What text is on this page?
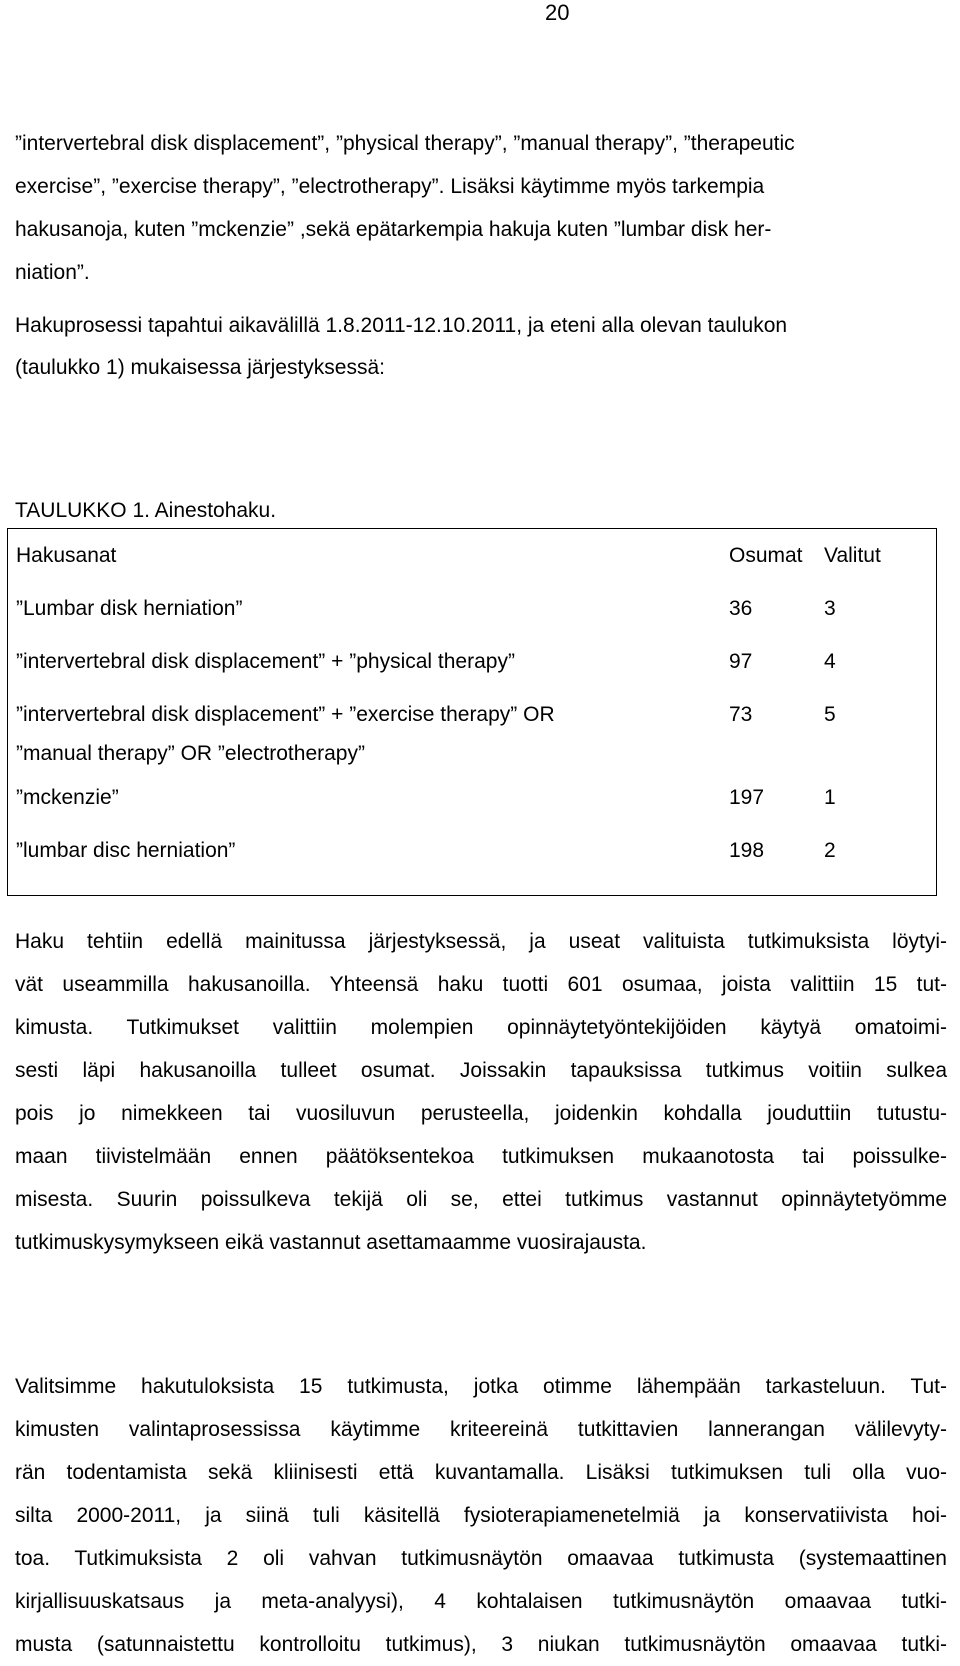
20
”intervertebral disk displacement”, ”physical therapy”, ”manual therapy”, ”therapeutic
exercise”, ”exercise therapy”, ”electrotherapy”. Lisäksi käytimme myös tarkempia
hakusanoja, kuten ”mckenzie” ,sekä epätarkempia hakuja kuten ”lumbar disk her-
niation”.
Hakuprosessi tapahtui aikavälillä 1.8.2011-12.10.2011, ja eteni alla olevan taulukon
(taulukko 1) mukaisessa järjestyksessä:
TAULUKKO 1. Ainestohaku.
Hakusanat	Osumat	Valitut
”Lumbar disk herniation”	36	3
”intervertebral disk displacement” + ”physical therapy”	97	4
”intervertebral disk displacement” + ”exercise therapy” OR
”manual therapy” OR ”electrotherapy”	73	5
”mckenzie”	197	1
”lumbar disc herniation”	198	2
Haku tehtiin edellä mainitussa järjestyksessä, ja useat valituista tutkimuksista löytyi-
vät useammilla hakusanoilla. Yhteensä haku tuotti 601 osumaa, joista valittiin 15 tut-
kimusta. Tutkimukset valittiin molempien opinnäytetyöntekijöiden käytyä omatoimi-
sesti läpi hakusanoilla tulleet osumat. Joissakin tapauksissa tutkimus voitiin sulkea
pois jo nimekkeen tai vuosiluvun perusteella, joidenkin kohdalla jouduttiin tutustu-
maan tiivistelmään ennen päätöksentekoa tutkimuksen mukaanotosta tai poissulke-
misesta. Suurin poissulkeva tekijä oli se, ettei tutkimus vastannut opinnäytetyömme
tutkimuskysymykseen eikä vastannut asettamaamme vuosirajausta.
Valitsimme hakutuloksista 15 tutkimusta, jotka otimme lähempään tarkasteluun. Tut-
kimusten valintaprosessissa käytimme kriteereinä tutkittavien lannerangan välilevyty-
rän todentamista sekä kliinisesti että kuvantamalla. Lisäksi tutkimuksen tuli olla vuo-
silta 2000-2011, ja siinä tuli käsitellä fysioterapiamenetelmiä ja konservatiivista hoi-
toa. Tutkimuksista 2 oli vahvan tutkimusnäytön omaavaa tutkimusta (systemaattinen
kirjallisuuskatsaus ja meta-analyysi), 4 kohtalaisen tutkimusnäytön omaavaa tutki-
musta (satunnaistettu kontrolloitu tutkimus), 3 niukan tutkimusnäytön omaavaa tutki-
